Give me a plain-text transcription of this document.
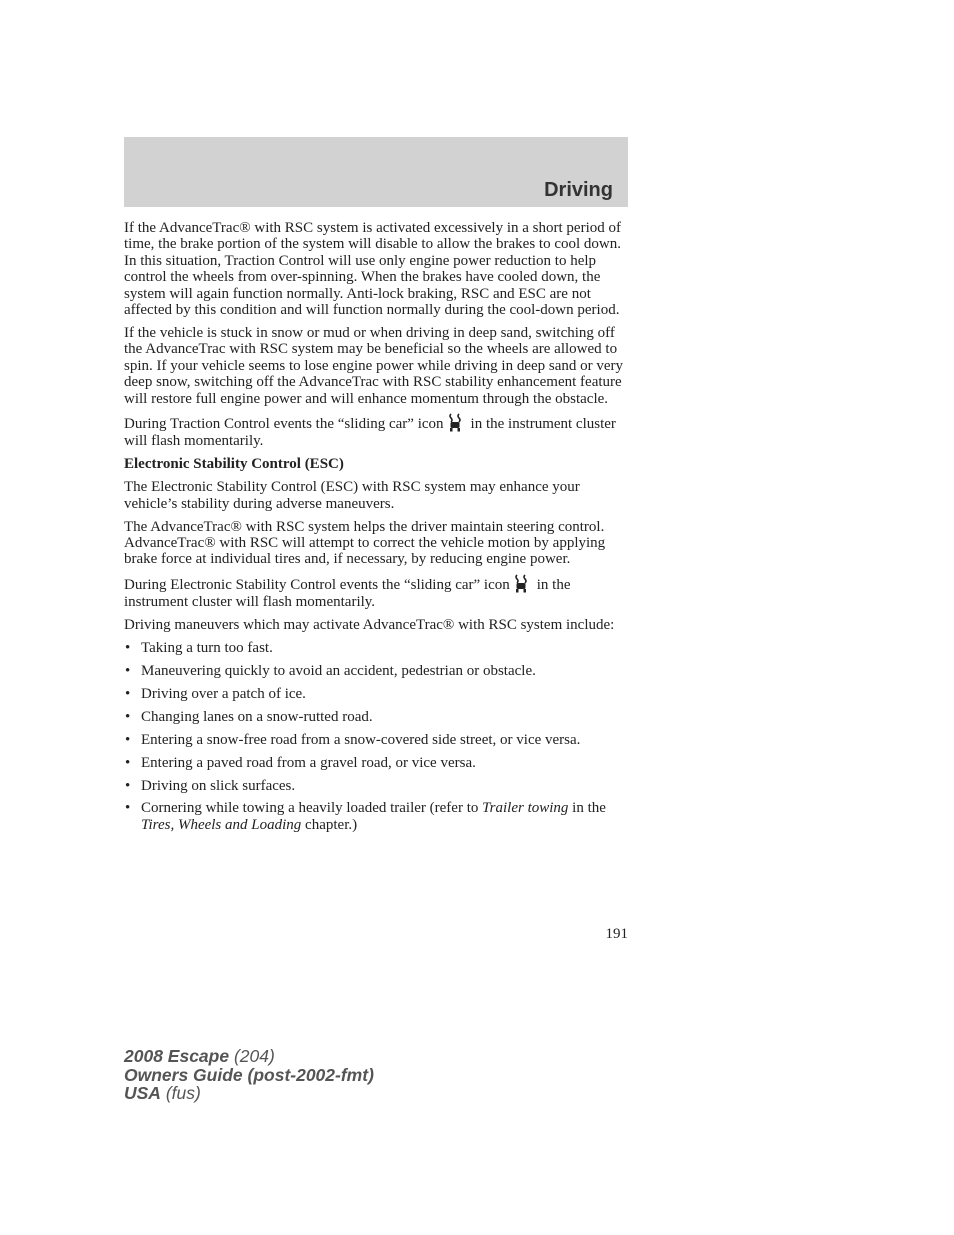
Driving

If the AdvanceTrac® with RSC system is activated excessively in a short period of time, the brake portion of the system will disable to allow the brakes to cool down. In this situation, Traction Control will use only engine power reduction to help control the wheels from over-spinning. When the brakes have cooled down, the system will again function normally. Anti-lock braking, RSC and ESC are not affected by this condition and will function normally during the cool-down period.

If the vehicle is stuck in snow or mud or when driving in deep sand, switching off the AdvanceTrac with RSC system may be beneficial so the wheels are allowed to spin. If your vehicle seems to lose engine power while driving in deep sand or very deep snow, switching off the AdvanceTrac with RSC stability enhancement feature will restore full engine power and will enhance momentum through the obstacle.

During Traction Control events the “sliding car” icon in the instrument cluster will flash momentarily.

Electronic Stability Control (ESC)

The Electronic Stability Control (ESC) with RSC system may enhance your vehicle’s stability during adverse maneuvers.

The AdvanceTrac® with RSC system helps the driver maintain steering control. AdvanceTrac® with RSC will attempt to correct the vehicle motion by applying brake force at individual tires and, if necessary, by reducing engine power.

During Electronic Stability Control events the “sliding car” icon in the instrument cluster will flash momentarily.

Driving maneuvers which may activate AdvanceTrac® with RSC system include:

• Taking a turn too fast.
• Maneuvering quickly to avoid an accident, pedestrian or obstacle.
• Driving over a patch of ice.
• Changing lanes on a snow-rutted road.
• Entering a snow-free road from a snow-covered side street, or vice versa.
• Entering a paved road from a gravel road, or vice versa.
• Driving on slick surfaces.
• Cornering while towing a heavily loaded trailer (refer to Trailer towing in the Tires, Wheels and Loading chapter.)
191
2008 Escape (204)
Owners Guide (post-2002-fmt)
USA (fus)
